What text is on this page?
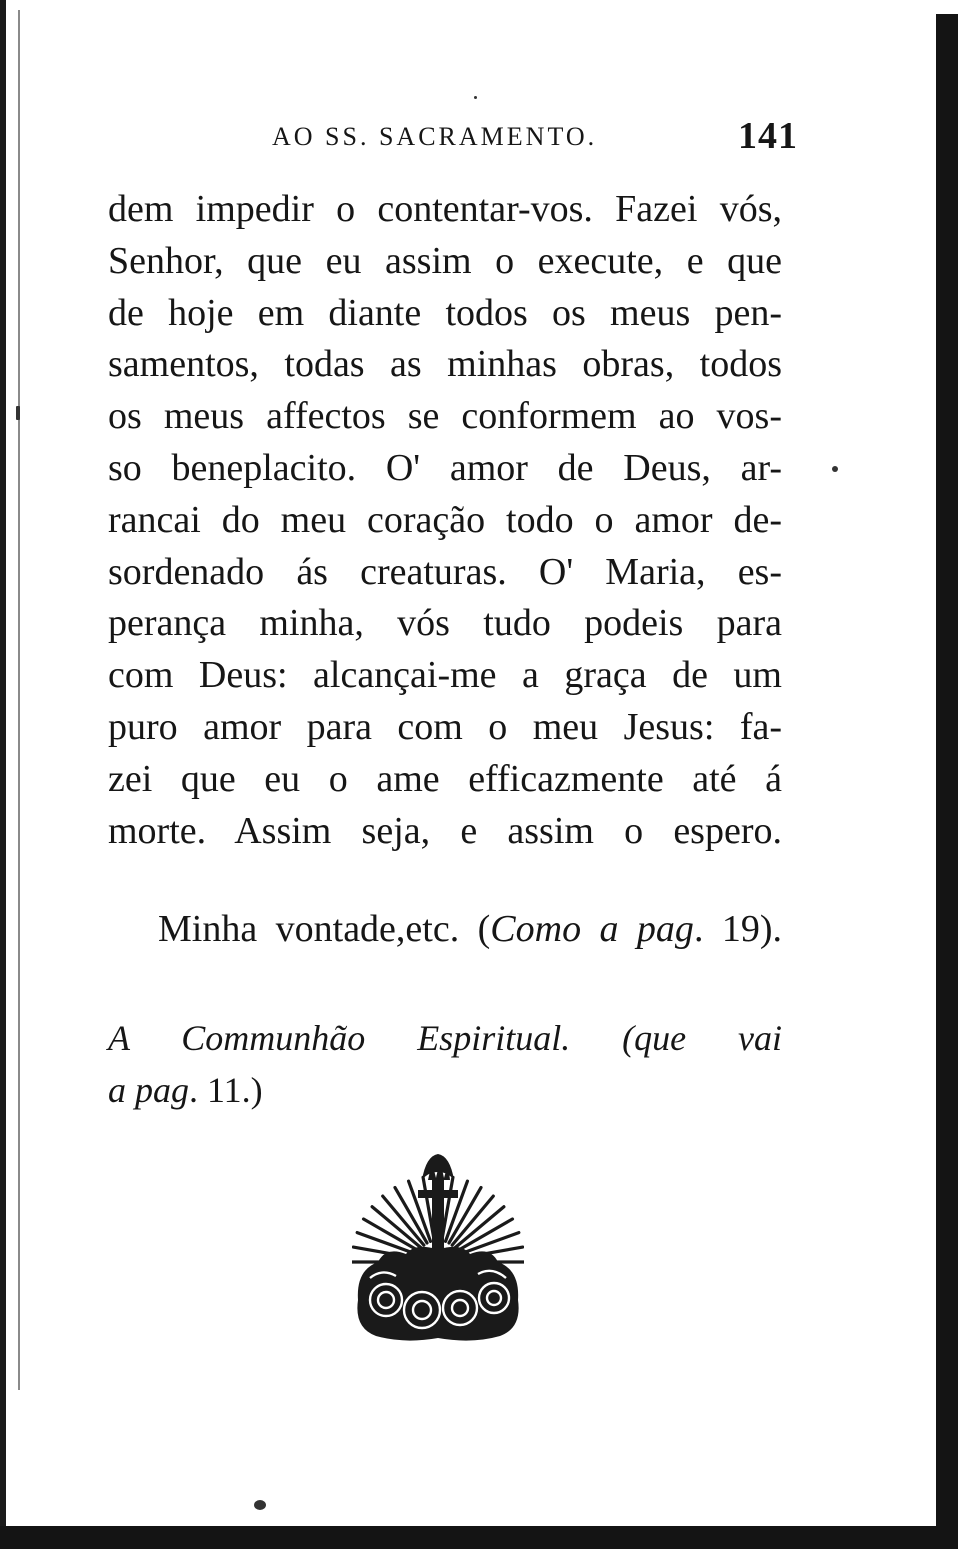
AO SS. SACRAMENTO.	141
dem impedir o contentar-vos. Fazei vós,
Senhor, que eu assim o execute, e que
de hoje em diante todos os meus pen-
samentos, todas as minhas obras, todos
os meus affectos se conformem ao vos-
so beneplacito. O' amor de Deus, ar-
rancai do meu coração todo o amor de-
sordenado ás creaturas. O' Maria, es-
perança minha, vós tudo podeis para
com Deus: alcançai-me a graça de um
puro amor para com o meu Jesus: fa-
zei que eu o ame efficazmente até á
morte. Assim seja, e assim o espero.
Minha vontade,etc. (Como a pag. 19).
A Communhão Espiritual. (que vai
a pag. 11.)
